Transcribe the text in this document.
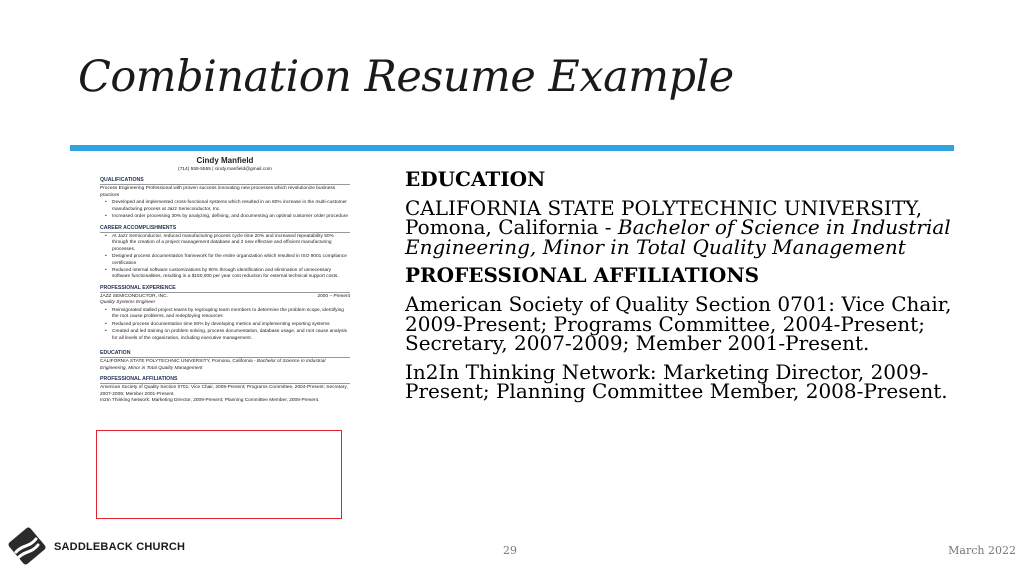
Combination Resume Example
Cindy Manfield
(714) 555-5555 | cindy.manfield@gmail.com
QUALIFICATIONS
Process Engineering Professional with proven success innovating new processes which revolutionize business practices
• Developed and implemented cross-functional systems which resulted in an 80% increase in the multi-customer manufacturing process at Jazz Semiconductor, Inc.
• Increased order processing 30% by analyzing, defining, and documenting an optimal customer order procedure
CAREER ACCOMPLISHMENTS
• At Jazz Semiconductor, reduced manufacturing process cycle time 20% and increased repeatability 50% through the creation of a project management database and 2 new effective and efficient manufacturing processes.
• Designed process documentation framework for the entire organization which resulted in ISO 9001 compliance certification
• Reduced internal software customizations by 90% through identification and elimination of unnecessary software functionalities, resulting in a $150,000 per year cost reduction for external technical support costs.
PROFESSIONAL EXPERIENCE
JAZZ SEMICONDUCTOR, INC.	2000 – Present
Quality Systems Engineer
• Reinvigorated stalled project teams by regrouping team members to determine the problem scope, identifying the root cause problems, and redeploying resources
• Reduced process documentation time 50% by developing metrics and implementing reporting systems
• Created and led training on problem solving, process documentation, database usage, and root cause analysis for all levels of the organization, including executive management.
EDUCATION
CALIFORNIA STATE POLYTECHNIC UNIVERSITY, Pomona, California - Bachelor of Science in Industrial Engineering, Minor in Total Quality Management
PROFESSIONAL AFFILIATIONS
American Society of Quality Section 0701: Vice Chair, 2009-Present; Programs Committee, 2004-Present; Secretary, 2007-2009; Member 2001-Present.
In2In Thinking Network: Marketing Director, 2009-Present; Planning Committee Member, 2008-Present.
EDUCATION
CALIFORNIA STATE POLYTECHNIC UNIVERSITY, Pomona, California - Bachelor of Science in Industrial Engineering, Minor in Total Quality Management
PROFESSIONAL AFFILIATIONS
American Society of Quality Section 0701: Vice Chair, 2009-Present; Programs Committee, 2004-Present; Secretary, 2007-2009; Member 2001-Present.
In2In Thinking Network: Marketing Director, 2009-Present; Planning Committee Member, 2008-Present.
SADDLEBACK CHURCH	29	March 2022
